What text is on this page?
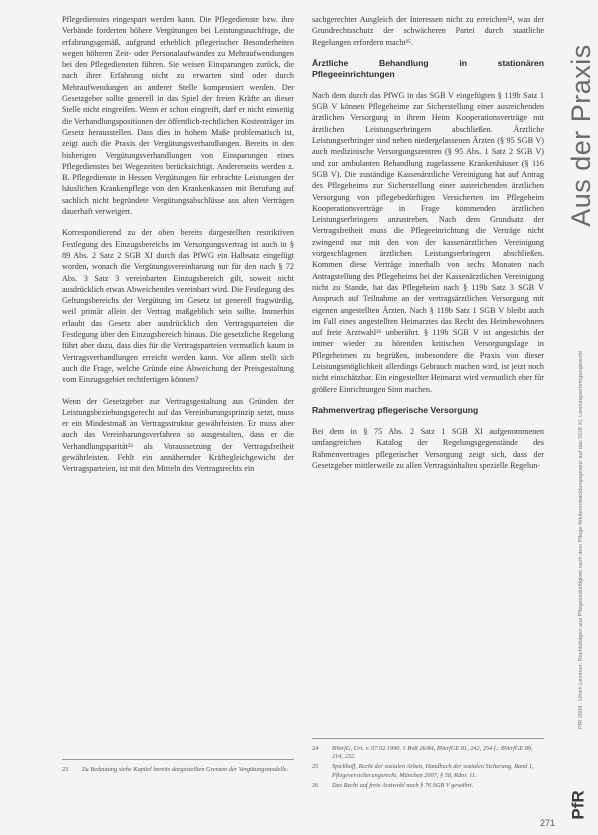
Pflegedienstes eingespart werden kann. Die Pflegedienste bzw. ihre Verbände forderten höhere Vergütungen bei Leistungsnachfrage, die erfahrungsgemäß, aufgrund erheblich pflegerischer Besonderheiten wegen höheren Zeit- oder Personalaufwandes zu Mehraufwendungen bei den Pflegediensten führen. Sie weisen Einsparungen zurück, die nach ihrer Erfahrung nicht zu erwarten sind oder durch Mehraufwendungen an anderer Stelle kompensiert werden. Der Gesetzgeber sollte generell in das Spiel der freien Kräfte an dieser Stelle nicht eingreifen. Wenn er schon eingreift, darf er nicht einseitig die Verhandlungspositionen der öffentlich-rechtlichen Kostenträger im Gesetz herausstellen. Dass dies in hohem Maße problematisch ist, zeigt auch die Praxis der Vergütungsverhandlungen. Bereits in den bisherigen Vergütungsverhandlungen von Einsparungen eines Pflegedienstes bei Wegezeiten berücksichtigt. Andererseits werden z. B. Pflegedienste in Hessen Vergütungen für erbrachte Leistungen der häuslichen Krankenpflege von den Krankenkassen mit Berufung auf sachlich nicht begründete Vergütungsabschlüsse aus alten Verträgen dauerhaft verweigert.

Korrespondierend zu der oben bereits dargestellten restriktiven Festlegung des Einzugsbereichs im Versorgungsvertrag ist auch in § 89 Abs. 2 Satz 2 SGB XI durch das PfWG ein Halbsatz eingefügt worden, wonach die Vergütungsvereinbarung nur für den nach § 72 Abs. 3 Satz 3 vereinbarten Einzugsbereich gilt, soweit nicht ausdrücklich etwas Abweichendes vereinbart wird. Die Festlegung des Geltungsbereichs der Vergütung im Gesetz ist generell fragwürdig, weil primär allein der Vertrag maßgeblich sein sollte. Immerhin erlaubt das Gesetz aber ausdrücklich den Vertragsparteien die Festlegung über den Einzugsbereich hinaus. Die gesetzliche Regelung führt aber dazu, dass dies für die Vertragsparteien vermutlich kaum in Vertragsverhandlungen erreicht werden kann. Vor allem stellt sich auch die Frage, welche Gründe eine Abweichung der Preisgestaltung vom Einzugsgebiet rechtfertigen können?

Wenn der Gesetzgeber zur Vertragsgestaltung aus Gründen der Leistungsbeziehungsgerecht auf das Vereinbarungsprinzip setzt, muss er ein Mindestmaß an Vertragsstruktur gewährleisten. Er muss aber auch das Vereinbarungsverfahren so ausgestalten, dass er die Verhandlungsparität²³ als Voraussetzung der Vertragsfreiheit gewährleisten. Fehlt ein annähernder Kräftegleichgewicht der Vertragsparteien, ist mit den Mitteln des Vertragsrechts ein

23	Zu Bedeutung siehe Kapitel bereits dargestellten Grenzen der Vergütungsmodelle.

sachgerechter Ausgleich der Interessen nicht zu erreichen²⁴, was der Grundrechtsschutz der schwächeren Partei durch staatliche Regelungen erfordern macht²⁵.

Ärztliche Behandlung in stationären Pflegeeinrichtungen

Nach dem durch das PfWG in das SGB V eingefügten § 119b Satz 1 SGB V können Pflegeheime zur Sicherstellung einer ausreichenden ärztlichen Versorgung in ihrem Heim Kooperationsverträge mit ärztlichen Leistungserbringern abschließen. Ärztliche Leistungserbringer sind neben niedergelassenen Ärzten (§ 95 SGB V) auch medizinische Versorgungszentren (§ 95 Abs. 1 Satz 2 SGB V) und zur ambulanten Behandlung zugelassene Krankenhäuser (§ 116 SGB V). Die zuständige Kassenärztliche Vereinigung hat auf Antrag des Pflegeheims zur Sicherstellung einer ausreichenden ärztlichen Versorgung von pflegebedürftigen Versicherten im Pflegeheim Kooperationsverträge in Frage kommenden ärztlichen Leistungserbringern anzustreben. Nach dem Grundsatz der Vertragsfreiheit muss die Pflegeeinrichtung die Verträge nicht zwingend nur mit den von der kassenärztlichen Vereinigung vorgeschlagenen ärztlichen Leistungserbringern abschließen. Kommen diese Verträge innerhalb von sechs Monaten nach Antragstellung des Pflegeheims bei der Kassenärztlichen Vereinigung nicht zu Stande, hat das Pflegeheim nach § 119b Satz 3 SGB V Anspruch auf Teilnahme an der vertragsärztlichen Versorgung mit eigenen angestellten Ärzten. Nach § 119b Satz 1 SGB V bleibt auch im Fall eines angestellten Heimarztes das Recht des Heimbewohners auf freie Arztwahl²⁶ unberührt. § 119b SGB V ist angesichts der immer wieder zu hörenden kritischen Versorgungslage in Pflegeheimen zu begrüßen, insbesondere die Praxis von dieser Leistungsmöglichkeit allerdings Gebrauch machen wird, ist jetzt noch nicht einschätzbar. Ein eingestellter Heimarzt wird vermutlich eher für größere Einrichtungen Sinn machen.

Rahmenvertrag pflegerische Versorgung

Bei dem in § 75 Abs. 2 Satz 1 SGB XI aufgenommenen umfangreichen Katalog der Regelungsgegenstände des Rahmenvertrages pflegerischer Versorgung zeigt sich, dass der Gesetzgeber mittlerweile zu allen Vertragsinhalten spezielle Regelun-

24	BVerfG, Urt. v. 07.02.1990, 1 BvR 26/84, BVerfGE 81, 242, 254 f.; BVerfGE 89, 214, 232.
25	Spickhoff, Recht der sozialen Arbeit, Handbuch der sozialen Sicherung, Band 1, Pflegeversicherungsrecht, München 2007, § 58, Rdnr. 11.
26	Das Recht auf freie Arztwahl nach § 76 SGB V gewährt.
Aus der Praxis
PfR 2009 · Ulrich Lemmer: Rechtsfolgen aus Pflegebedürftigkeit nach dem Pflege-Weiterentwicklungsgesetz auf das SGB XI, Leistungserbringungsrecht
PfR
271
